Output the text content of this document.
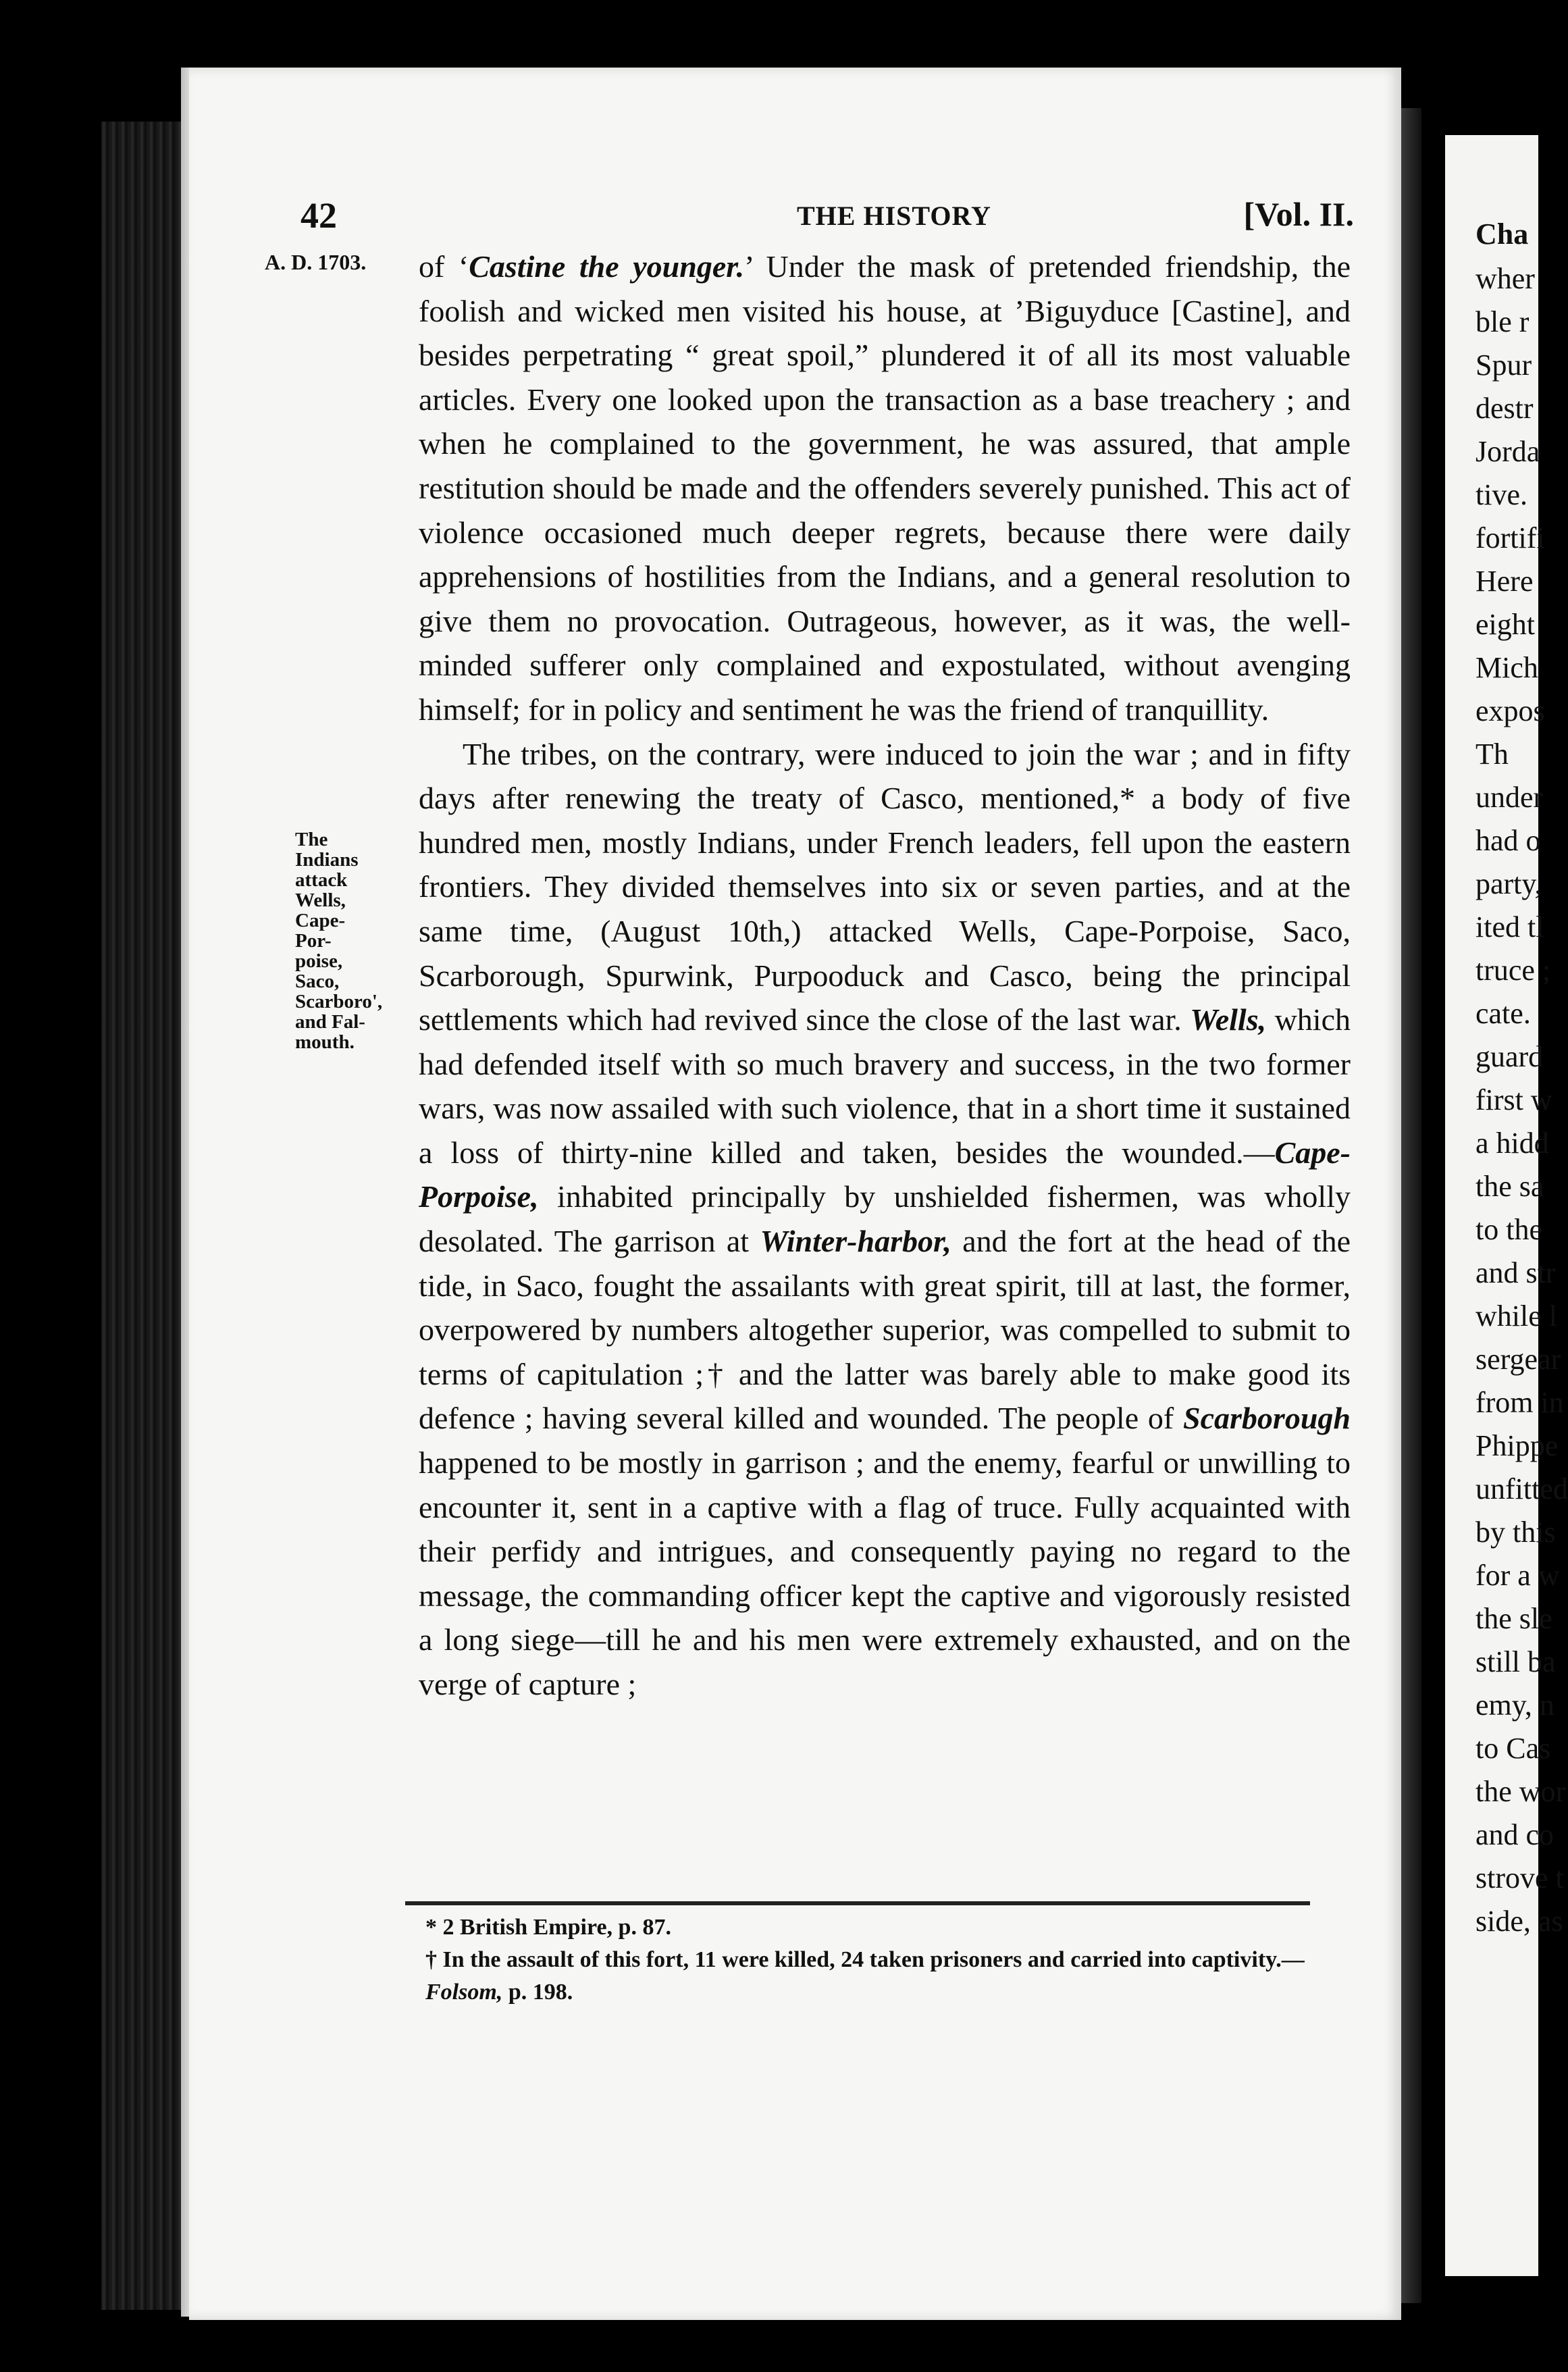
Cha
wher
ble r
Spur
destr
Jorda
tive.
fortifi
Here
eight
Mich
expos
Th
under
had o
party,
ited tl
truce ;
cate.
guard
first w
a hidd
the sa
to the
and str
while l
sergear
from in
Phippe
unfitted
by this
for a w
the sle
still ba
emy, n
to Cas
the wor
and co
strove t
side, as
42	THE HISTORY	[Vol. II.
A. D. 1703.
The Indians
attack
Wells,
Cape-Por-
poise, Saco,
Scarboro',
and Fal-
mouth.

of ‘Castine the younger.’ Under the mask of pretended friendship, the foolish and wicked men visited his house, at ’Biguyduce [Castine], and besides perpetrating “ great spoil,” plundered it of all its most valuable articles. Every one looked upon the transaction as a base treachery ; and when he complained to the government, he was assured, that ample restitution should be made and the offenders severely punished. This act of violence occasioned much deeper regrets, because there were daily apprehensions of hostilities from the Indians, and a general resolution to give them no provocation. Outrageous, however, as it was, the well-minded sufferer only complained and expostulated, without avenging himself; for in policy and sentiment he was the friend of tranquillity.

The tribes, on the contrary, were induced to join the war ; and in fifty days after renewing the treaty of Casco, mentioned,* a body of five hundred men, mostly Indians, under French leaders, fell upon the eastern frontiers. They divided themselves into six or seven parties, and at the same time, (August 10th,) attacked Wells, Cape-Porpoise, Saco, Scarborough, Spurwink, Purpooduck and Casco, being the principal settlements which had revived since the close of the last war. Wells, which had defended itself with so much bravery and success, in the two former wars, was now assailed with such violence, that in a short time it sustained a loss of thirty-nine killed and taken, besides the wounded.—Cape-Porpoise, inhabited principally by unshielded fishermen, was wholly desolated. The garrison at Winter-harbor, and the fort at the head of the tide, in Saco, fought the assailants with great spirit, till at last, the former, overpowered by numbers altogether superior, was compelled to submit to terms of capitulation ;† and the latter was barely able to make good its defence ; having several killed and wounded. The people of Scarborough happened to be mostly in garrison ; and the enemy, fearful or unwilling to encounter it, sent in a captive with a flag of truce. Fully acquainted with their perfidy and intrigues, and consequently paying no regard to the message, the commanding officer kept the captive and vigorously resisted a long siege—till he and his men were extremely exhausted, and on the verge of capture ;

* 2 British Empire, p. 87.

† In the assault of this fort, 11 were killed, 24 taken prisoners and carried into captivity.—Folsom, p. 198.
